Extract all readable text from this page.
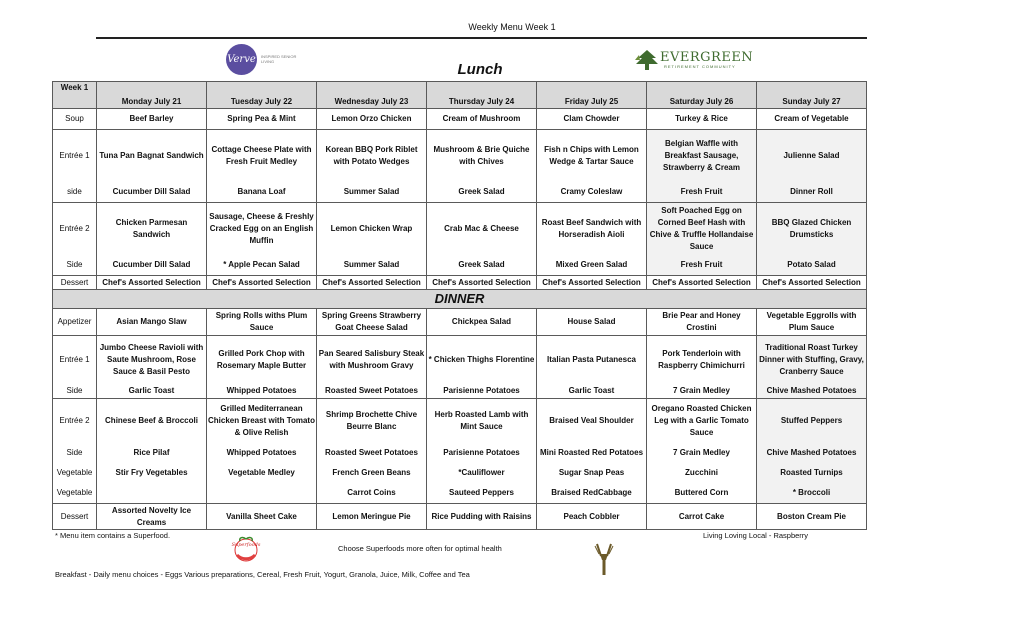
Weekly Menu Week 1
Verve	INSPIRED SENIOR LIVING	Lunch
EVERGREEN
RETIREMENT COMMUNITY
Week 1	Monday July 21	Tuesday July 22	Wednesday July 23	Thursday July 24	Friday July 25	Saturday July 26	Sunday July 27
Soup	Beef Barley	Spring Pea & Mint	Lemon Orzo Chicken	Cream of Mushroom	Clam Chowder	Turkey & Rice	Cream of Vegetable
Entrée 1	Tuna Pan Bagnat Sandwich	Cottage Cheese Plate with Fresh Fruit Medley	Korean BBQ Pork Riblet with Potato Wedges	Mushroom & Brie Quiche with Chives	Fish n Chips with Lemon Wedge & Tartar Sauce	Belgian Waffle with Breakfast Sausage, Strawberry & Cream	Julienne Salad
side	Cucumber Dill Salad	Banana Loaf	Summer Salad	Greek Salad	Cramy Coleslaw	Fresh Fruit	Dinner Roll
Entrée 2	Chicken Parmesan Sandwich	Sausage, Cheese & Freshly Cracked Egg on an English Muffin	Lemon Chicken Wrap	Crab Mac & Cheese	Roast Beef Sandwich with Horseradish Aioli	Soft Poached Egg on Corned Beef Hash with Chive & Truffle Hollandaise Sauce	BBQ Glazed Chicken Drumsticks
Side	Cucumber Dill Salad	* Apple Pecan Salad	Summer Salad	Greek Salad	Mixed Green Salad	Fresh Fruit	Potato Salad
Dessert	Chef's Assorted Selection	Chef's Assorted Selection	Chef's Assorted Selection	Chef's Assorted Selection	Chef's Assorted Selection	Chef's Assorted Selection	Chef's Assorted Selection
DINNER							
Appetizer	Asian Mango Slaw	Spring Rolls withs Plum Sauce	Spring Greens Strawberry Goat Cheese Salad	Chickpea Salad	House Salad	Brie Pear and Honey Crostini	Vegetable Eggrolls with Plum Sauce
Entrée 1	Jumbo Cheese Ravioli with Saute Mushroom, Rose Sauce & Basil Pesto	Grilled Pork Chop with Rosemary Maple Butter	Pan Seared Salisbury Steak with Mushroom Gravy	* Chicken Thighs Florentine	Italian Pasta Putanesca	Pork Tenderloin with Raspberry Chimichurri	Traditional Roast Turkey Dinner with Stuffing, Gravy, Cranberry Sauce
Side	Garlic Toast	Whipped Potatoes	Roasted Sweet Potatoes	Parisienne Potatoes	Garlic Toast	7 Grain Medley	Chive Mashed Potatoes
Entrée 2	Chinese Beef & Broccoli	Grilled Mediterranean Chicken Breast with Tomato & Olive Relish	Shrimp Brochette Chive Beurre Blanc	Herb Roasted Lamb with Mint Sauce	Braised Veal Shoulder	Oregano Roasted Chicken Leg with a Garlic Tomato Sauce	Stuffed Peppers
Side	Rice Pilaf	Whipped Potatoes	Roasted Sweet Potatoes	Parisienne Potatoes	Mini Roasted Red Potatoes	7 Grain Medley	Chive Mashed Potatoes
Vegetable	Stir Fry Vegetables	Vegetable Medley	French Green Beans	*Cauliflower	Sugar Snap Peas	Zucchini	Roasted Turnips
Vegetable			Carrot Coins	Sauteed Peppers	Braised RedCabbage	Buttered Corn	* Broccoli
Dessert	Assorted Novelty Ice Creams	Vanilla Sheet Cake	Lemon Meringue Pie	Rice Pudding with Raisins	Peach Cobbler	Carrot Cake	Boston Cream Pie
* Menu item contains a Superfood.
Superfoods	Choose Superfoods more often for optimal health
Living Loving Local - Raspberry
Breakfast - Daily menu choices - Eggs Various preparations, Cereal, Fresh Fruit, Yogurt, Granola, Juice, Milk, Coffee and Tea
